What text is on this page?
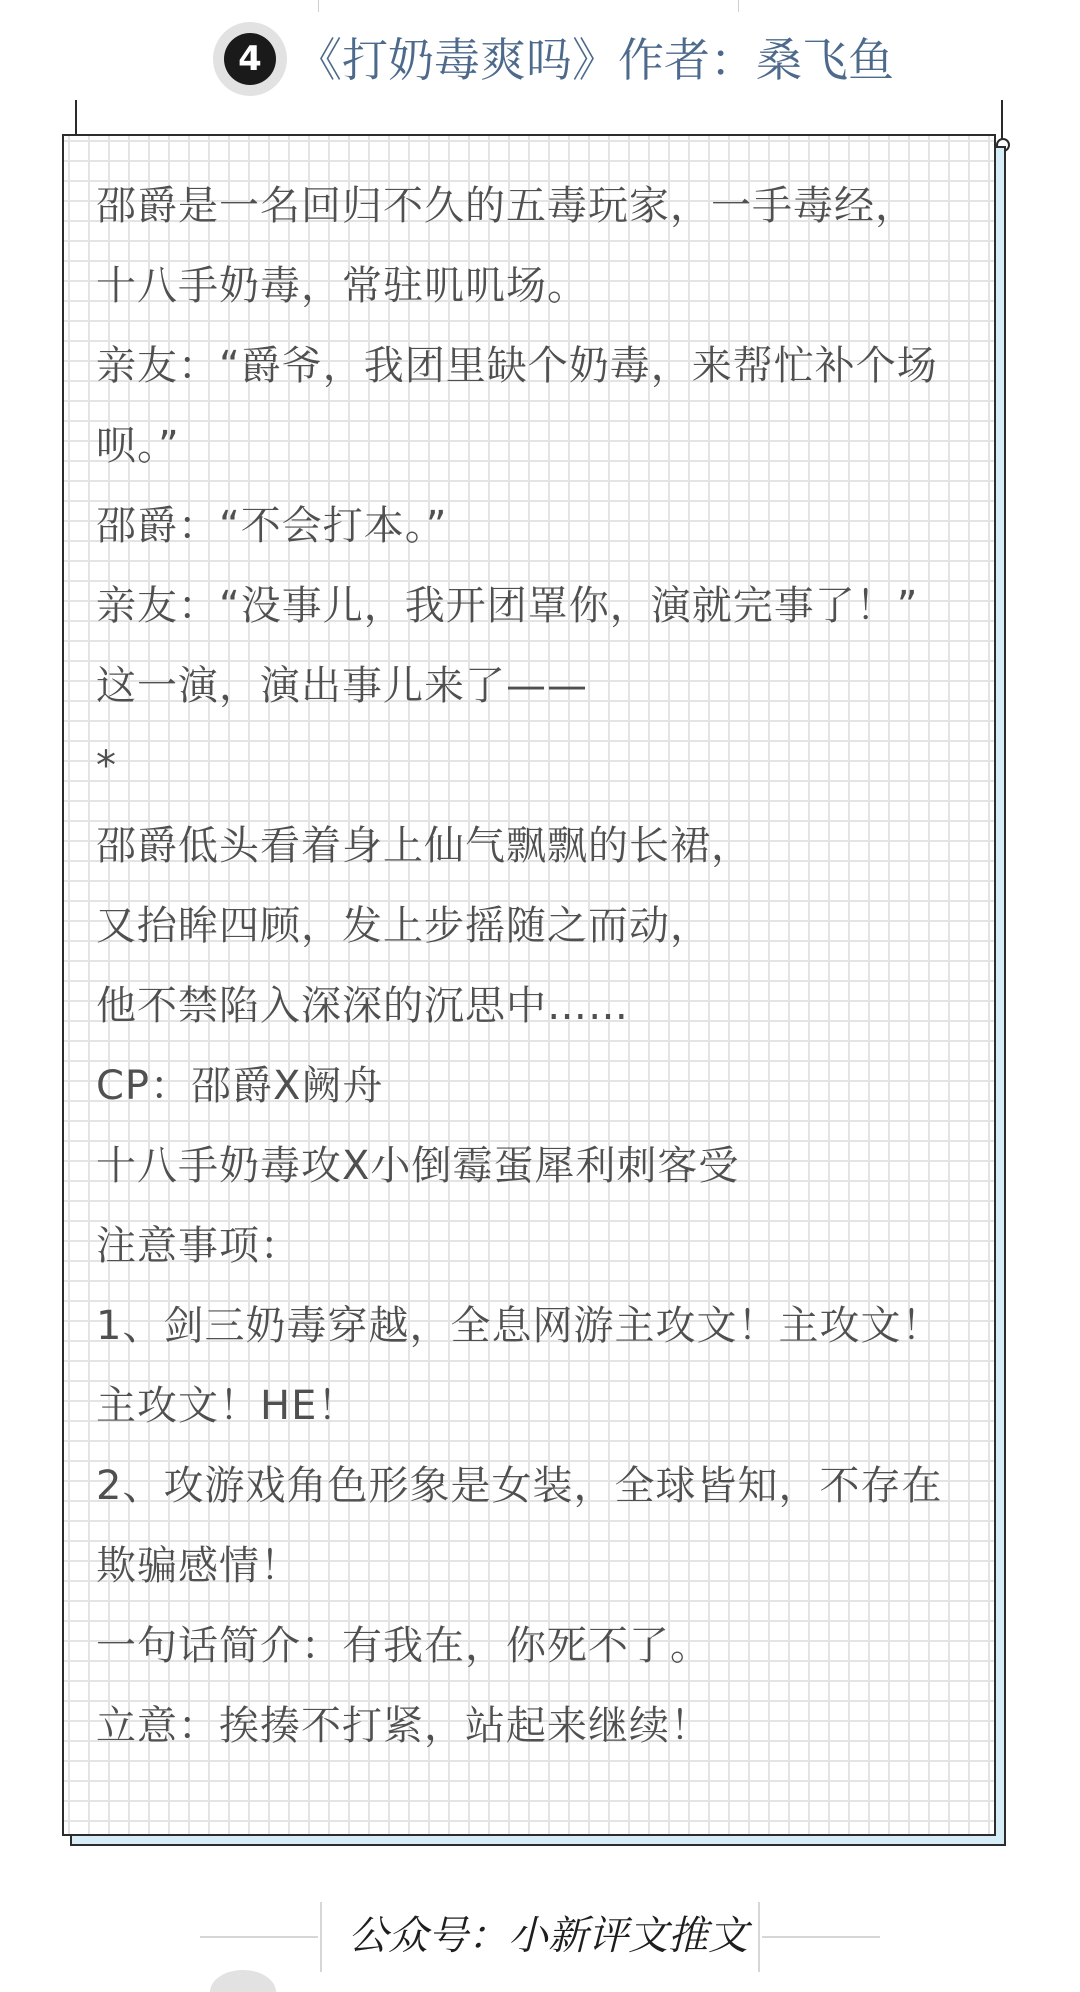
4 《打奶毒爽吗》作者：桑飞鱼
邵爵是一名回归不久的五毒玩家，一手毒经，
十八手奶毒，常驻叽叽场。
亲友：“爵爷，我团里缺个奶毒，来帮忙补个场
呗。”
邵爵：“不会打本。”
亲友：“没事儿，我开团罩你，演就完事了！”
这一演，演出事儿来了——
*
邵爵低头看着身上仙气飘飘的长裙，
又抬眸四顾，发上步摇随之而动，
他不禁陷入深深的沉思中……
CP：邵爵X阙舟
十八手奶毒攻X小倒霉蛋犀利刺客受
注意事项：
1、剑三奶毒穿越，全息网游主攻文！主攻文！
主攻文！HE！
2、攻游戏角色形象是女装，全球皆知，不存在
欺骗感情！
一句话简介：有我在，你死不了。
立意：挨揍不打紧，站起来继续！
公众号：小新评文推文
